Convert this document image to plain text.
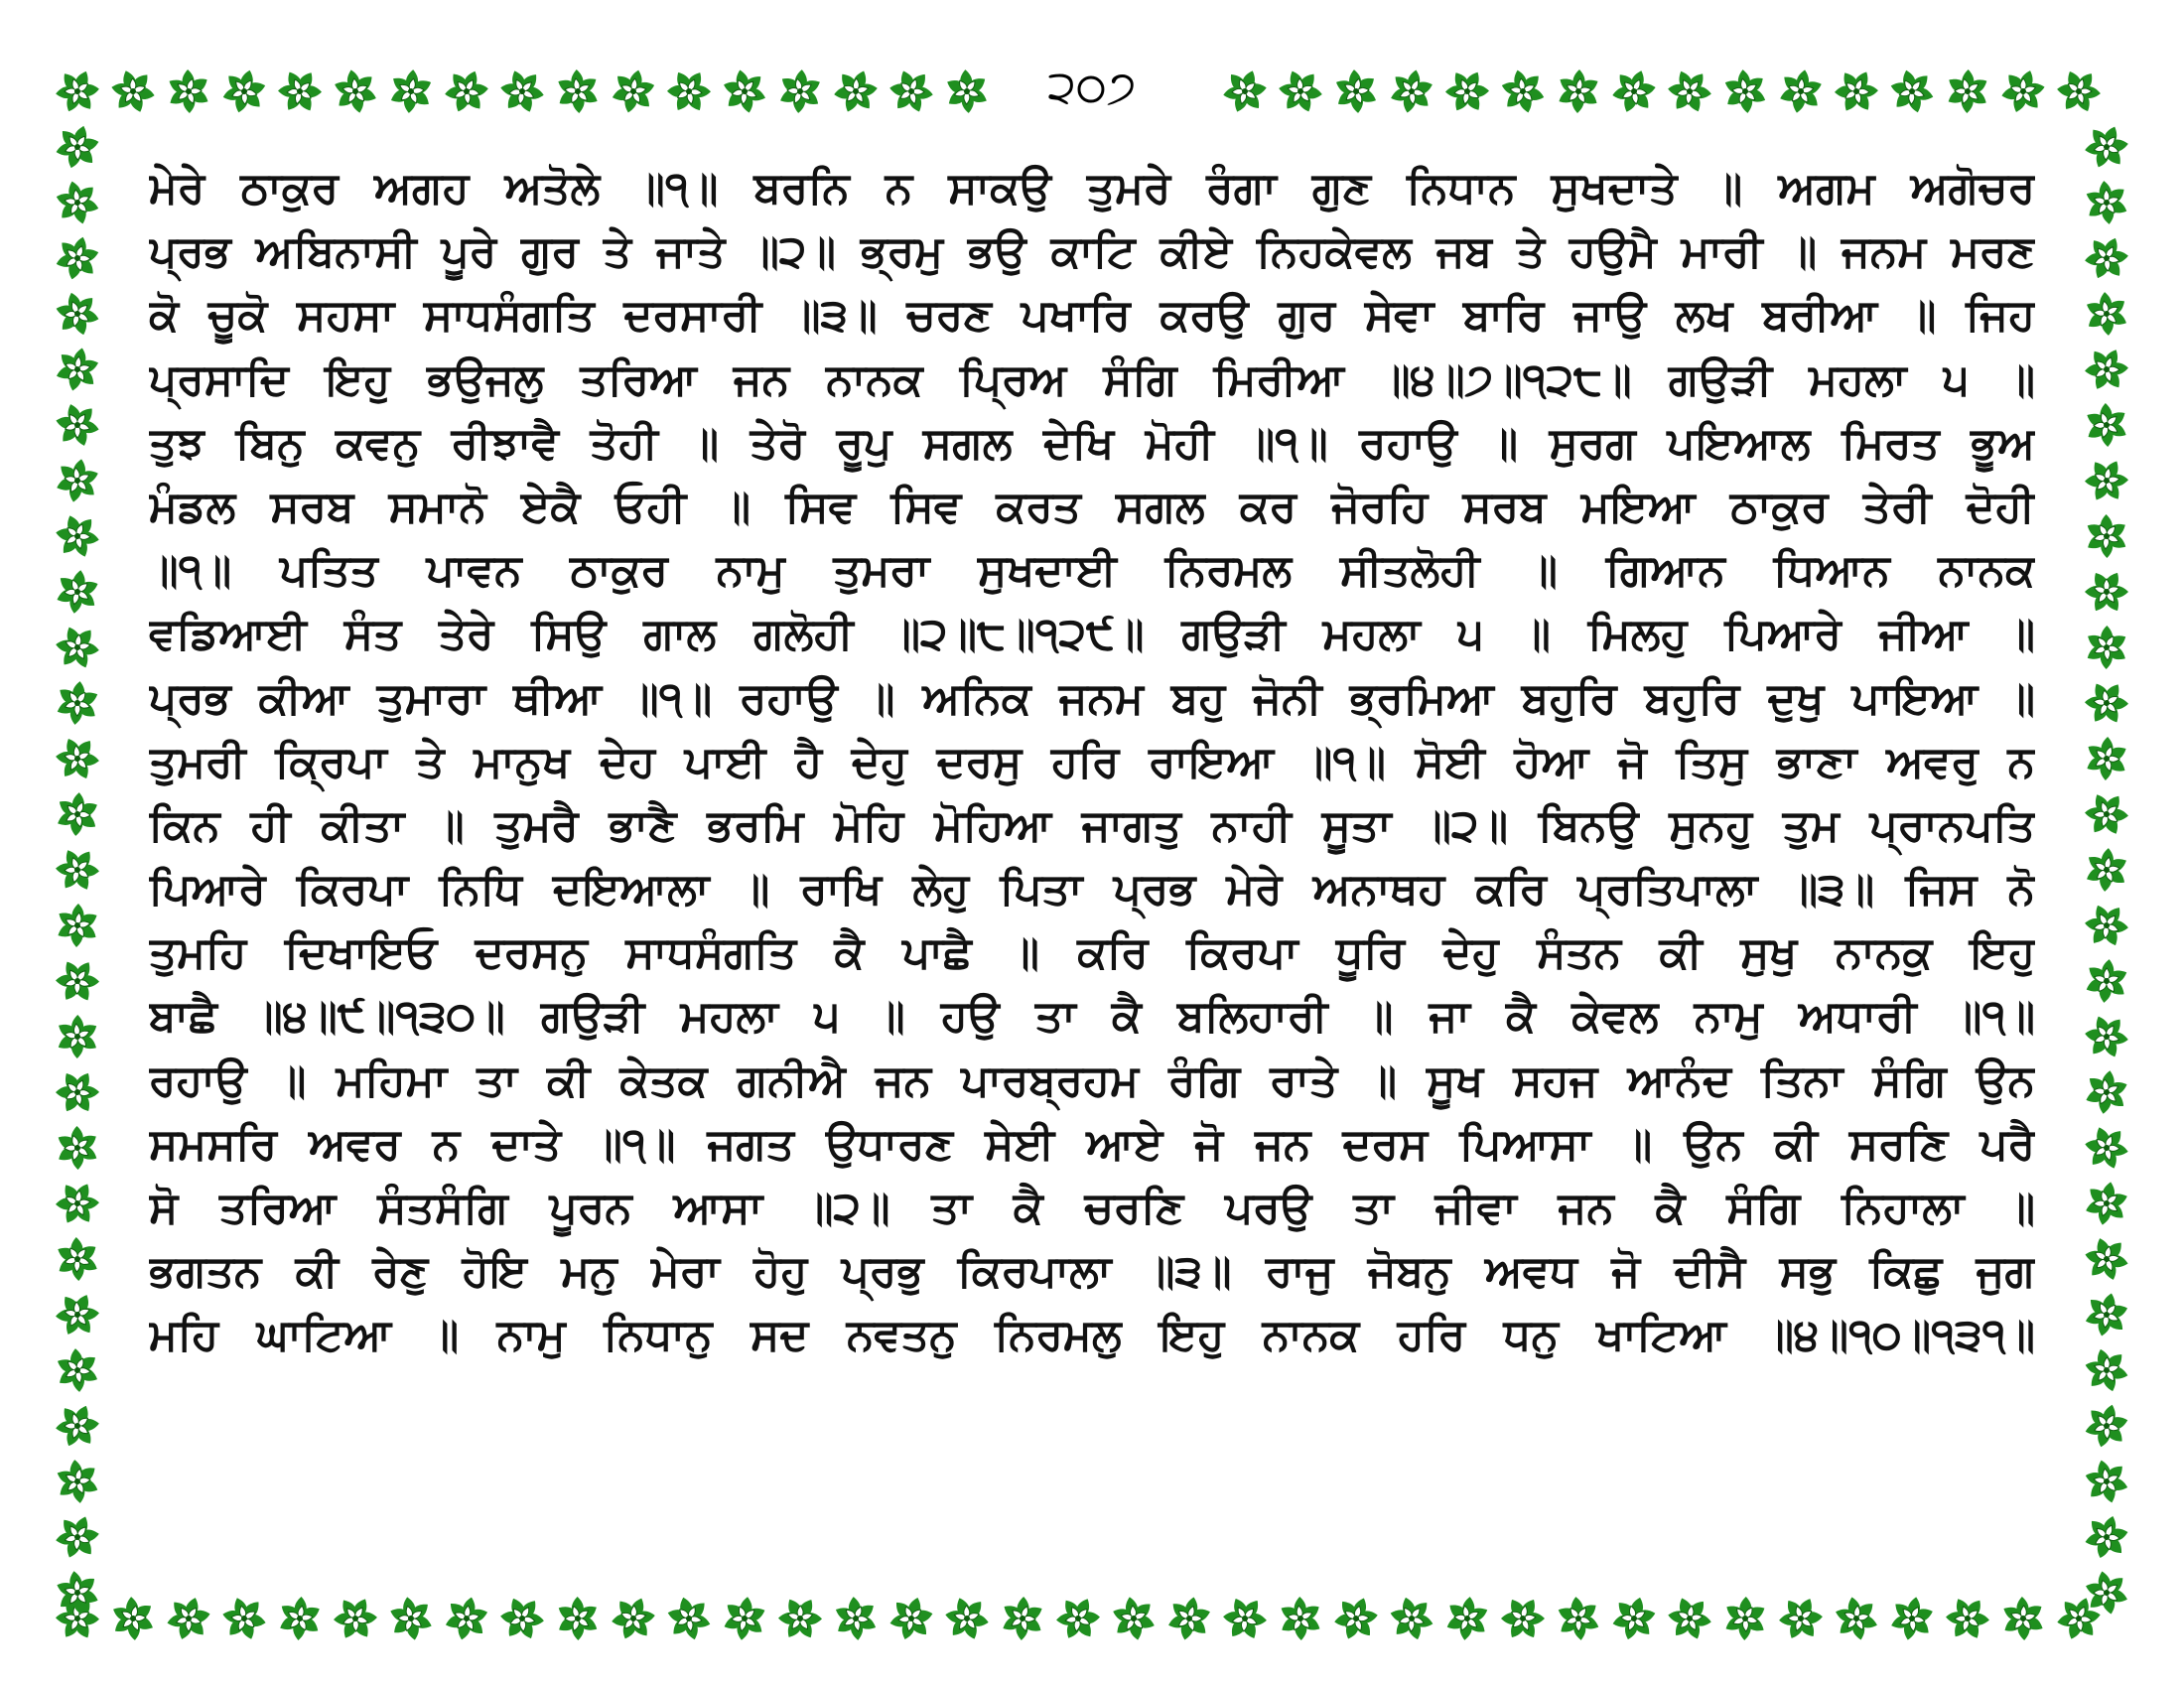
੨੦੭
ਮੇਰੇ ਠਾਕੁਰ ਅਗਹ ਅਤੋਲੇ ॥੧॥ ਬਰਨਿ ਨ ਸਾਕਉ ਤੁਮਰੇ ਰੰਗਾ ਗੁਣ ਨਿਧਾਨ ਸੁਖਦਾਤੇ ॥ ਅਗਮ ਅਗੋਚਰ
ਪ੍ਰਭ ਅਬਿਨਾਸੀ ਪੂਰੇ ਗੁਰ ਤੇ ਜਾਤੇ ॥੨॥ ਭ੍ਰਮੁ ਭਉ ਕਾਟਿ ਕੀਏ ਨਿਹਕੇਵਲ ਜਬ ਤੇ ਹਉਮੈ ਮਾਰੀ ॥ ਜਨਮ ਮਰਣ
ਕੋ ਚੂਕੋ ਸਹਸਾ ਸਾਧਸੰਗਤਿ ਦਰਸਾਰੀ ॥੩॥ ਚਰਣ ਪਖਾਰਿ ਕਰਉ ਗੁਰ ਸੇਵਾ ਬਾਰਿ ਜਾਉ ਲਖ ਬਰੀਆ ॥ ਜਿਹ
ਪ੍ਰਸਾਦਿ ਇਹੁ ਭਉਜਲੁ ਤਰਿਆ ਜਨ ਨਾਨਕ ਪ੍ਰਿਅ ਸੰਗਿ ਮਿਰੀਆ ॥੪॥੭॥੧੨੮॥ ਗਉੜੀ ਮਹਲਾ ੫ ॥
ਤੁਝ ਬਿਨੁ ਕਵਨੁ ਰੀਝਾਵੈ ਤੋਹੀ ॥ ਤੇਰੋ ਰੂਪੁ ਸਗਲ ਦੇਖਿ ਮੋਹੀ ॥੧॥ ਰਹਾਉ ॥ ਸੁਰਗ ਪਇਆਲ ਮਿਰਤ ਭੂਅ
ਮੰਡਲ ਸਰਬ ਸਮਾਨੋ ਏਕੈ ਓਹੀ ॥ ਸਿਵ ਸਿਵ ਕਰਤ ਸਗਲ ਕਰ ਜੋਰਹਿ ਸਰਬ ਮਇਆ ਠਾਕੁਰ ਤੇਰੀ ਦੋਹੀ
॥੧॥ ਪਤਿਤ ਪਾਵਨ ਠਾਕੁਰ ਨਾਮੁ ਤੁਮਰਾ ਸੁਖਦਾਈ ਨਿਰਮਲ ਸੀਤਲੋਹੀ ॥ ਗਿਆਨ ਧਿਆਨ ਨਾਨਕ
ਵਡਿਆਈ ਸੰਤ ਤੇਰੇ ਸਿਉ ਗਾਲ ਗਲੋਹੀ ॥੨॥੮॥੧੨੯॥ ਗਉੜੀ ਮਹਲਾ ੫ ॥ ਮਿਲਹੁ ਪਿਆਰੇ ਜੀਆ ॥
ਪ੍ਰਭ ਕੀਆ ਤੁਮਾਰਾ ਥੀਆ ॥੧॥ ਰਹਾਉ ॥ ਅਨਿਕ ਜਨਮ ਬਹੁ ਜੋਨੀ ਭ੍ਰਮਿਆ ਬਹੁਰਿ ਬਹੁਰਿ ਦੁਖੁ ਪਾਇਆ ॥
ਤੁਮਰੀ ਕ੍ਰਿਪਾ ਤੇ ਮਾਨੁਖ ਦੇਹ ਪਾਈ ਹੈ ਦੇਹੁ ਦਰਸੁ ਹਰਿ ਰਾਇਆ ॥੧॥ ਸੋਈ ਹੋਆ ਜੋ ਤਿਸੁ ਭਾਣਾ ਅਵਰੁ ਨ
ਕਿਨ ਹੀ ਕੀਤਾ ॥ ਤੁਮਰੈ ਭਾਣੈ ਭਰਮਿ ਮੋਹਿ ਮੋਹਿਆ ਜਾਗਤੁ ਨਾਹੀ ਸੂਤਾ ॥੨॥ ਬਿਨਉ ਸੁਨਹੁ ਤੁਮ ਪ੍ਰਾਨਪਤਿ
ਪਿਆਰੇ ਕਿਰਪਾ ਨਿਧਿ ਦਇਆਲਾ ॥ ਰਾਖਿ ਲੇਹੁ ਪਿਤਾ ਪ੍ਰਭ ਮੇਰੇ ਅਨਾਥਹ ਕਰਿ ਪ੍ਰਤਿਪਾਲਾ ॥੩॥ ਜਿਸ ਨੋ
ਤੁਮਹਿ ਦਿਖਾਇਓ ਦਰਸਨੁ ਸਾਧਸੰਗਤਿ ਕੈ ਪਾਛੈ ॥ ਕਰਿ ਕਿਰਪਾ ਧੂਰਿ ਦੇਹੁ ਸੰਤਨ ਕੀ ਸੁਖੁ ਨਾਨਕੁ ਇਹੁ
ਬਾਛੈ ॥੪॥੯॥੧੩੦॥ ਗਉੜੀ ਮਹਲਾ ੫ ॥ ਹਉ ਤਾ ਕੈ ਬਲਿਹਾਰੀ ॥ ਜਾ ਕੈ ਕੇਵਲ ਨਾਮੁ ਅਧਾਰੀ ॥੧॥
ਰਹਾਉ ॥ ਮਹਿਮਾ ਤਾ ਕੀ ਕੇਤਕ ਗਨੀਐ ਜਨ ਪਾਰਬ੍ਰਹਮ ਰੰਗਿ ਰਾਤੇ ॥ ਸੂਖ ਸਹਜ ਆਨੰਦ ਤਿਨਾ ਸੰਗਿ ਉਨ
ਸਮਸਰਿ ਅਵਰ ਨ ਦਾਤੇ ॥੧॥ ਜਗਤ ਉਧਾਰਣ ਸੇਈ ਆਏ ਜੋ ਜਨ ਦਰਸ ਪਿਆਸਾ ॥ ਉਨ ਕੀ ਸਰਣਿ ਪਰੈ
ਸੋ ਤਰਿਆ ਸੰਤਸੰਗਿ ਪੂਰਨ ਆਸਾ ॥੨॥ ਤਾ ਕੈ ਚਰਣਿ ਪਰਉ ਤਾ ਜੀਵਾ ਜਨ ਕੈ ਸੰਗਿ ਨਿਹਾਲਾ ॥
ਭਗਤਨ ਕੀ ਰੇਣੁ ਹੋਇ ਮਨੁ ਮੇਰਾ ਹੋਹੁ ਪ੍ਰਭੁ ਕਿਰਪਾਲਾ ॥੩॥ ਰਾਜੁ ਜੋਬਨੁ ਅਵਧ ਜੋ ਦੀਸੈ ਸਭੁ ਕਿਛੁ ਜੁਗ
ਮਹਿ ਘਾਟਿਆ ॥ ਨਾਮੁ ਨਿਧਾਨੁ ਸਦ ਨਵਤਨੁ ਨਿਰਮਲੁ ਇਹੁ ਨਾਨਕ ਹਰਿ ਧਨੁ ਖਾਟਿਆ ॥੪॥੧੦॥੧੩੧॥
